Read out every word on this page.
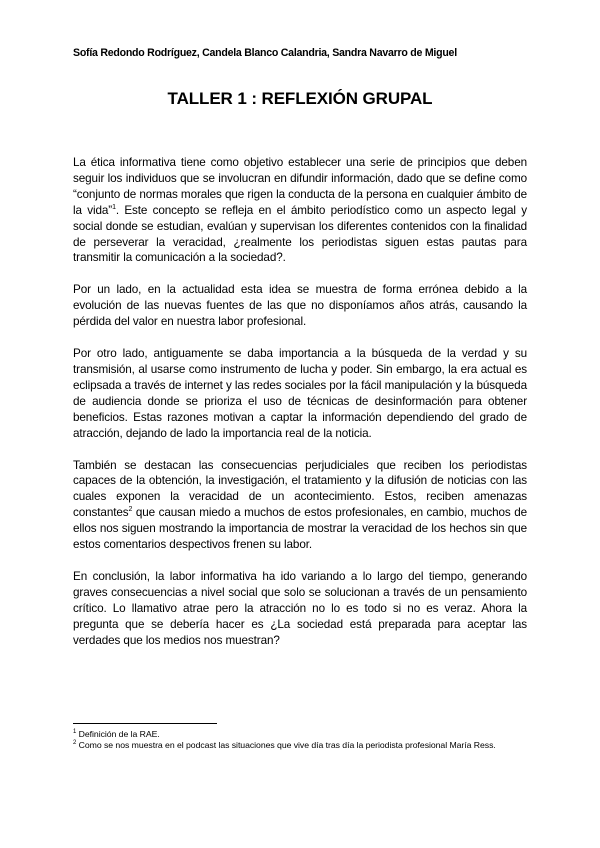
Sofía Redondo Rodríguez, Candela Blanco Calandria, Sandra Navarro de Miguel
TALLER 1 : REFLEXIÓN GRUPAL

La ética informativa tiene como objetivo establecer una serie de principios que deben seguir los individuos que se involucran en difundir información, dado que se define como “conjunto de normas morales que rigen la conducta de la persona en cualquier ámbito de la vida”$^1$. Este concepto se refleja en el ámbito periodístico como un aspecto legal y social donde se estudian, evalúan y supervisan los diferentes contenidos con la finalidad de perseverar la veracidad, ¿realmente los periodistas siguen estas pautas para transmitir la comunicación a la sociedad?.

Por un lado, en la actualidad esta idea se muestra de forma errónea debido a la evolución de las nuevas fuentes de las que no disponíamos años atrás, causando la pérdida del valor en nuestra labor profesional.

Por otro lado, antiguamente se daba importancia a la búsqueda de la verdad y su transmisión, al usarse como instrumento de lucha y poder. Sin embargo, la era actual es eclipsada a través de internet y las redes sociales por la fácil manipulación y la búsqueda de audiencia donde se prioriza el uso de técnicas de desinformación para obtener beneficios. Estas razones motivan a captar la información dependiendo del grado de atracción, dejando de lado la importancia real de la noticia.

También se destacan las consecuencias perjudiciales que reciben los periodistas capaces de la obtención, la investigación, el tratamiento y la difusión de noticias con las cuales exponen la veracidad de un acontecimiento. Estos, reciben amenazas constantes$^2$ que causan miedo a muchos de estos profesionales, en cambio, muchos de ellos nos siguen mostrando la importancia de mostrar la veracidad de los hechos sin que estos comentarios despectivos frenen su labor.

En conclusión, la labor informativa ha ido variando a lo largo del tiempo, generando graves consecuencias a nivel social que solo se solucionan a través de un pensamiento crítico. Lo llamativo atrae pero la atracción no lo es todo si no es veraz. Ahora la pregunta que se debería hacer es ¿La sociedad está preparada para aceptar las verdades que los medios nos muestran?

$^1$ Definición de la RAE.

$^2$ Como se nos muestra en el podcast las situaciones que vive día tras día la periodista profesional María Ress.
